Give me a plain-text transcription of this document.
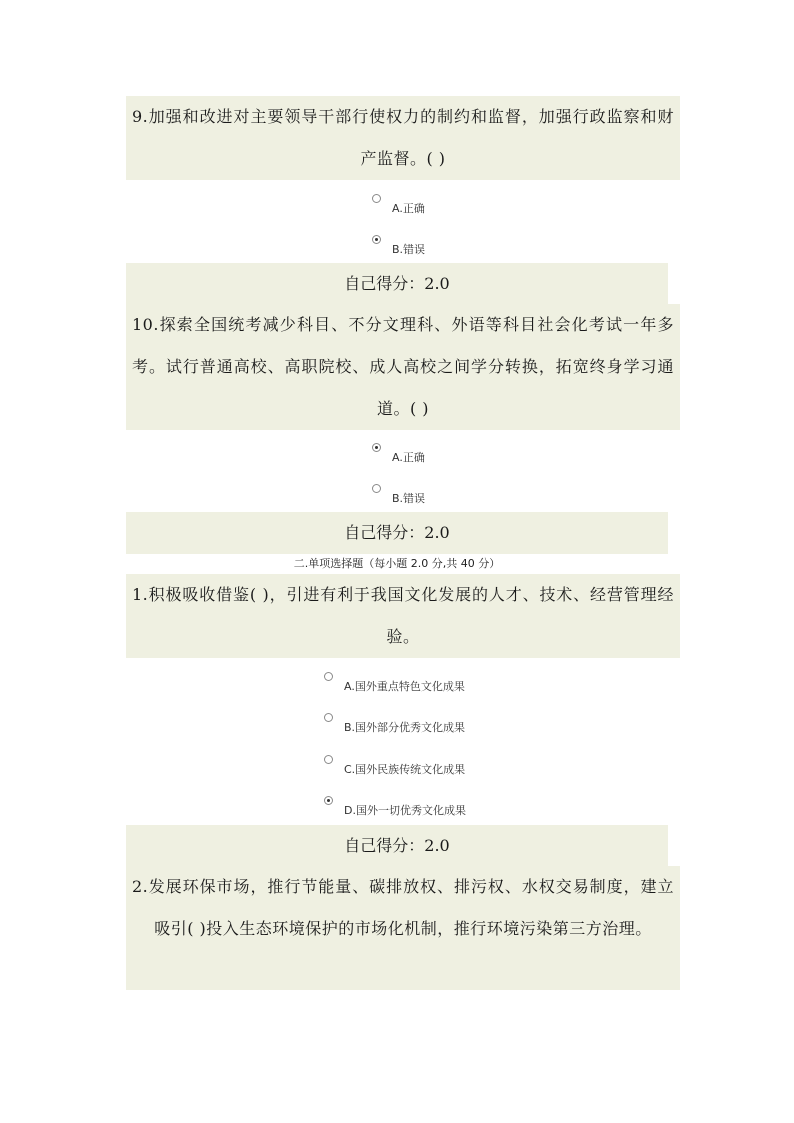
9.加强和改进对主要领导干部行使权力的制约和监督，加强行政监察和财产监督。( )
A.正确
B.错误
自己得分：2.0
10.探索全国统考减少科目、不分文理科、外语等科目社会化考试一年多考。试行普通高校、高职院校、成人高校之间学分转换，拓宽终身学习通道。( )
A.正确
B.错误
自己得分：2.0
二.单项选择题（每小题 2.0 分,共 40 分）
1.积极吸收借鉴( )，引进有利于我国文化发展的人才、技术、经营管理经验。
A.国外重点特色文化成果
B.国外部分优秀文化成果
C.国外民族传统文化成果
D.国外一切优秀文化成果
自己得分：2.0
2.发展环保市场，推行节能量、碳排放权、排污权、水权交易制度，建立吸引( )投入生态环境保护的市场化机制，推行环境污染第三方治理。
